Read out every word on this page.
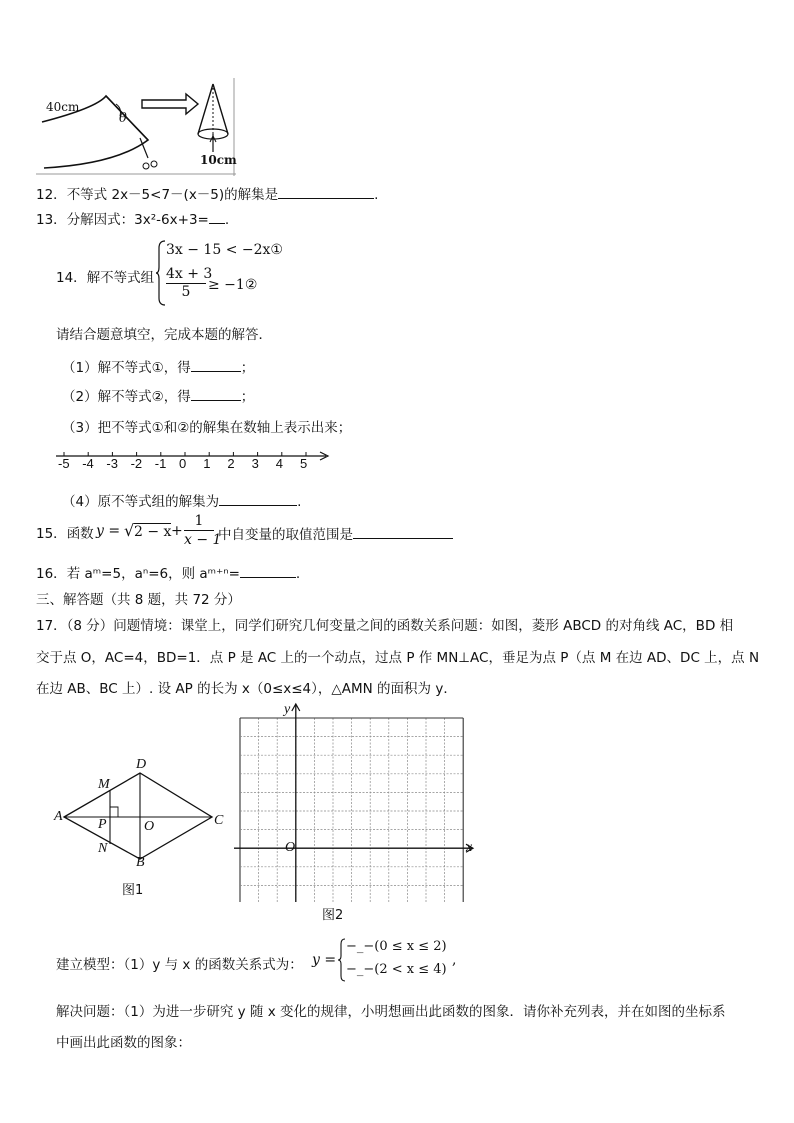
40cm
θ
10cm
12．不等式 2x－5<7－(x－5)的解集是	.
13．分解因式：3x²-6x+3= .
14．解不等式组
3x − 15 < −2x①
$\frac{4x + 3}{5}$ ≥ −1②
请结合题意填空，完成本题的解答．
（1）解不等式①，得	；
（2）解不等式②，得	；
（3）把不等式①和②的解集在数轴上表示出来；
-5 -4 -3 -2 -1 0 1 2 3 4 5
（4）原不等式组的解集为	.
15．函数 y = √ $2 - x + \frac{1}{x - 1}$ 中自变量的取值范围是
16．若 aᵐ=5，aⁿ=6，则 aᵐ⁺ⁿ=	.
三、解答题（共 8 题，共 72 分）
17．（8 分）问题情境：课堂上，同学们研究几何变量之间的函数关系问题：如图，菱形 ABCD 的对角线 AC，BD 相
交于点 O，AC=4，BD=1．点 P 是 AC 上的一个动点，过点 P 作 MN⊥AC，垂足为点 P（点 M 在边 AD、DC 上，点 N
在边 AB、BC 上）. 设 AP 的长为 x（0≤x≤4），△AMN 的面积为 y．
D
M
A
P	O	C
N
B
图1
y
x
O
图2
建立模型：（1）y 与 x 的函数关系式为： y =
−_−(0 ≤ x ≤ 2)
−_−(2 < x ≤ 4)
,
解决问题：（1）为进一步研究 y 随 x 变化的规律，小明想画出此函数的图象．请你补充列表，并在如图的坐标系
中画出此函数的图象：
